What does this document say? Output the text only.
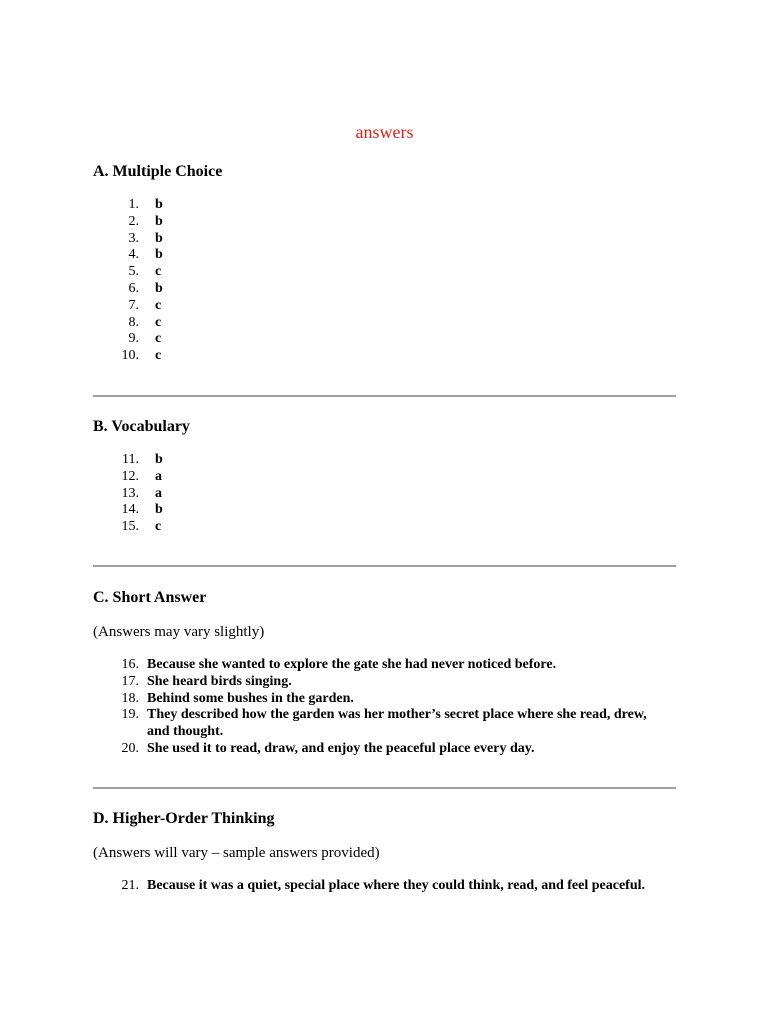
answers
A. Multiple Choice
1.	b
2.	b
3.	b
4.	b
5.	c
6.	b
7.	c
8.	c
9.	c
10.	c
B. Vocabulary
11.	b
12.	a
13.	a
14.	b
15.	c
C. Short Answer

(Answers may vary slightly)

16. Because she wanted to explore the gate she had never noticed before.
17. She heard birds singing.
18. Behind some bushes in the garden.
19. They described how the garden was her mother’s secret place where she read, drew, and thought.
20. She used it to read, draw, and enjoy the peaceful place every day.
D. Higher-Order Thinking

(Answers will vary – sample answers provided)

21. Because it was a quiet, special place where they could think, read, and feel peaceful.
